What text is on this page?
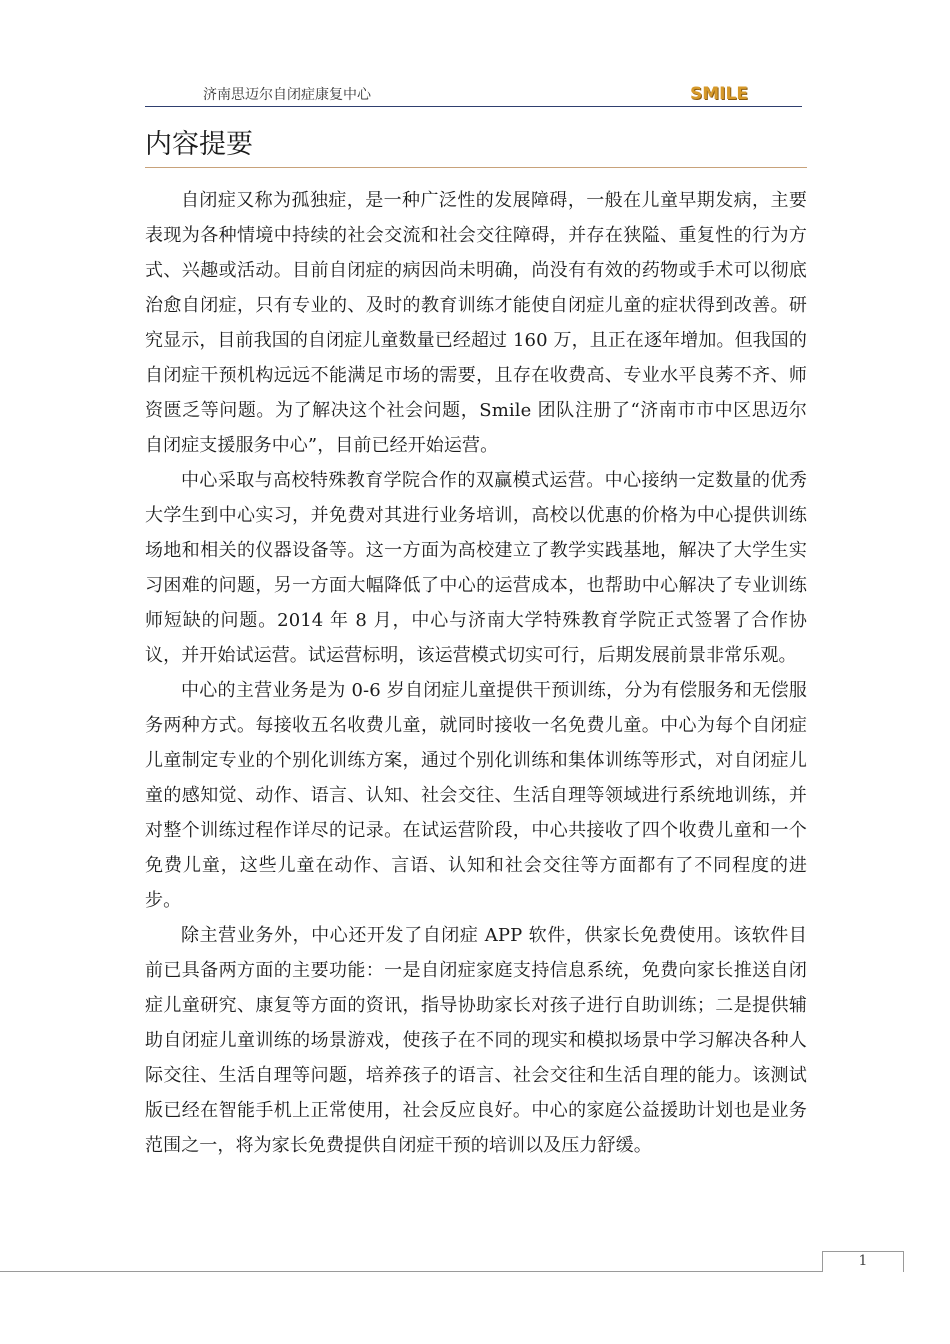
济南思迈尔自闭症康复中心	SMILE
内容提要

自闭症又称为孤独症，是一种广泛性的发展障碍，一般在儿童早期发病，主要表现为各种情境中持续的社会交流和社会交往障碍，并存在狭隘、重复性的行为方式、兴趣或活动。目前自闭症的病因尚未明确，尚没有有效的药物或手术可以彻底治愈自闭症，只有专业的、及时的教育训练才能使自闭症儿童的症状得到改善。研究显示，目前我国的自闭症儿童数量已经超过 160 万，且正在逐年增加。但我国的自闭症干预机构远远不能满足市场的需要，且存在收费高、专业水平良莠不齐、师资匮乏等问题。为了解决这个社会问题，Smile 团队注册了“济南市市中区思迈尔自闭症支援服务中心”，目前已经开始运营。

中心采取与高校特殊教育学院合作的双赢模式运营。中心接纳一定数量的优秀大学生到中心实习，并免费对其进行业务培训，高校以优惠的价格为中心提供训练场地和相关的仪器设备等。这一方面为高校建立了教学实践基地，解决了大学生实习困难的问题，另一方面大幅降低了中心的运营成本，也帮助中心解决了专业训练师短缺的问题。2014 年 8 月，中心与济南大学特殊教育学院正式签署了合作协议，并开始试运营。试运营标明，该运营模式切实可行，后期发展前景非常乐观。

中心的主营业务是为 0-6 岁自闭症儿童提供干预训练，分为有偿服务和无偿服务两种方式。每接收五名收费儿童，就同时接收一名免费儿童。中心为每个自闭症儿童制定专业的个别化训练方案，通过个别化训练和集体训练等形式，对自闭症儿童的感知觉、动作、语言、认知、社会交往、生活自理等领域进行系统地训练，并对整个训练过程作详尽的记录。在试运营阶段，中心共接收了四个收费儿童和一个免费儿童，这些儿童在动作、言语、认知和社会交往等方面都有了不同程度的进步。

除主营业务外，中心还开发了自闭症 APP 软件，供家长免费使用。该软件目前已具备两方面的主要功能：一是自闭症家庭支持信息系统，免费向家长推送自闭症儿童研究、康复等方面的资讯，指导协助家长对孩子进行自助训练；二是提供辅助自闭症儿童训练的场景游戏，使孩子在不同的现实和模拟场景中学习解决各种人际交往、生活自理等问题，培养孩子的语言、社会交往和生活自理的能力。该测试版已经在智能手机上正常使用，社会反应良好。中心的家庭公益援助计划也是业务范围之一，将为家长免费提供自闭症干预的培训以及压力舒缓。

1
